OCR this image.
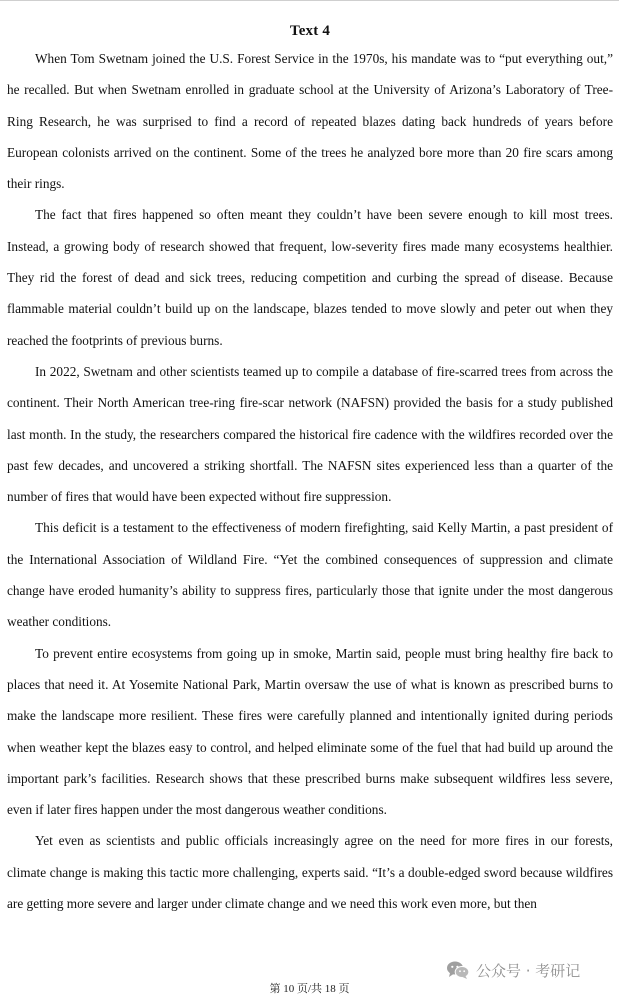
Text 4

When Tom Swetnam joined the U.S. Forest Service in the 1970s, his mandate was to “put everything out,” he recalled. But when Swetnam enrolled in graduate school at the University of Arizona’s Laboratory of Tree-Ring Research, he was surprised to find a record of repeated blazes dating back hundreds of years before European colonists arrived on the continent. Some of the trees he analyzed bore more than 20 fire scars among their rings.

The fact that fires happened so often meant they couldn’t have been severe enough to kill most trees. Instead, a growing body of research showed that frequent, low-severity fires made many ecosystems healthier. They rid the forest of dead and sick trees, reducing competition and curbing the spread of disease. Because flammable material couldn’t build up on the landscape, blazes tended to move slowly and peter out when they reached the footprints of previous burns.

In 2022, Swetnam and other scientists teamed up to compile a database of fire-scarred trees from across the continent. Their North American tree-ring fire-scar network (NAFSN) provided the basis for a study published last month. In the study, the researchers compared the historical fire cadence with the wildfires recorded over the past few decades, and uncovered a striking shortfall. The NAFSN sites experienced less than a quarter of the number of fires that would have been expected without fire suppression.

This deficit is a testament to the effectiveness of modern firefighting, said Kelly Martin, a past president of the International Association of Wildland Fire. “Yet the combined consequences of suppression and climate change have eroded humanity’s ability to suppress fires, particularly those that ignite under the most dangerous weather conditions.

To prevent entire ecosystems from going up in smoke, Martin said, people must bring healthy fire back to places that need it. At Yosemite National Park, Martin oversaw the use of what is known as prescribed burns to make the landscape more resilient. These fires were carefully planned and intentionally ignited during periods when weather kept the blazes easy to control, and helped eliminate some of the fuel that had build up around the important park’s facilities. Research shows that these prescribed burns make subsequent wildfires less severe, even if later fires happen under the most dangerous weather conditions.

Yet even as scientists and public officials increasingly agree on the need for more fires in our forests, climate change is making this tactic more challenging, experts said. “It’s a double-edged sword because wildfires are getting more severe and larger under climate change and we need this work even more, but then

公众号 · 考研记
第 10 页/共 18 页
